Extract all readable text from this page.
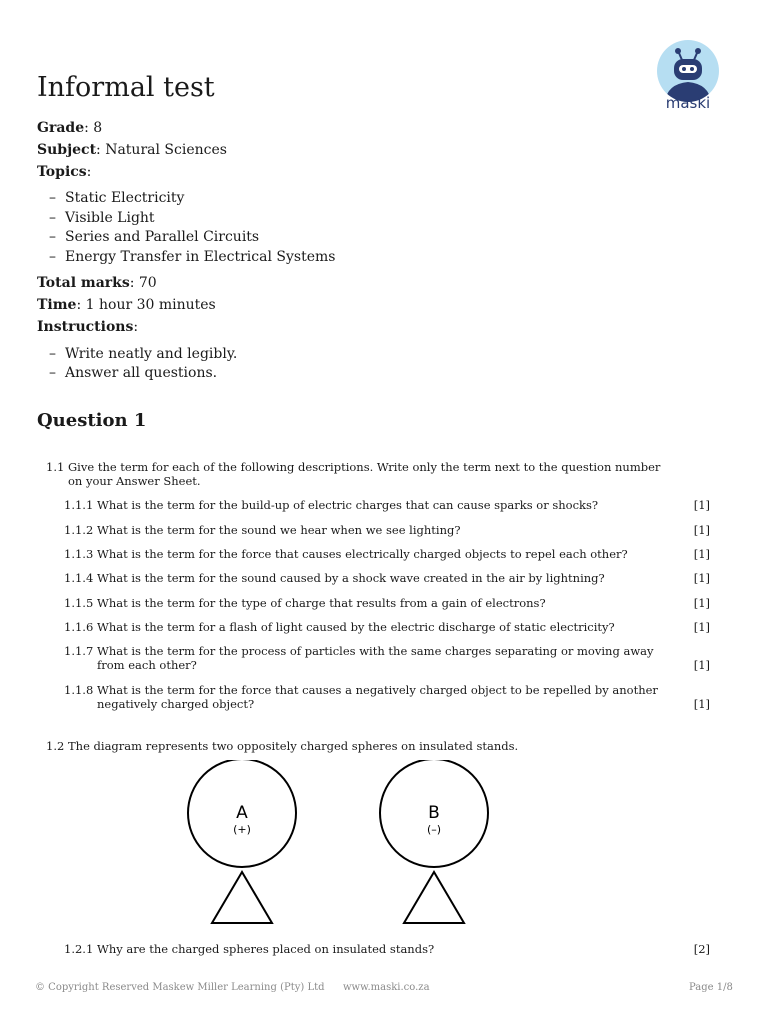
maski
Informal test
Grade: 8
Subject: Natural Sciences
Topics:
– Static Electricity
– Visible Light
– Series and Parallel Circuits
– Energy Transfer in Electrical Systems
Total marks: 70
Time: 1 hour 30 minutes
Instructions:
– Write neatly and legibly.
– Answer all questions.
Question 1
1.1 Give the term for each of the following descriptions. Write only the term next to the question number
on your Answer Sheet.
1.1.1 What is the term for the build-up of electric charges that can cause sparks or shocks?	[1]
1.1.2 What is the term for the sound we hear when we see lighting?	[1]
1.1.3 What is the term for the force that causes electrically charged objects to repel each other?	[1]
1.1.4 What is the term for the sound caused by a shock wave created in the air by lightning?	[1]
1.1.5 What is the term for the type of charge that results from a gain of electrons?	[1]
1.1.6 What is the term for a flash of light caused by the electric discharge of static electricity?	[1]
1.1.7 What is the term for the process of particles with the same charges separating or moving away
from each other?	[1]
1.1.8 What is the term for the force that causes a negatively charged object to be repelled by another
negatively charged object?	[1]
1.2 The diagram represents two oppositely charged spheres on insulated stands.
A
(+)
B
(–)
1.2.1 Why are the charged spheres placed on insulated stands?	[2]
© Copyright Reserved Maskew Miller Learning (Pty) Ltd www.maski.co.za	Page 1/8
